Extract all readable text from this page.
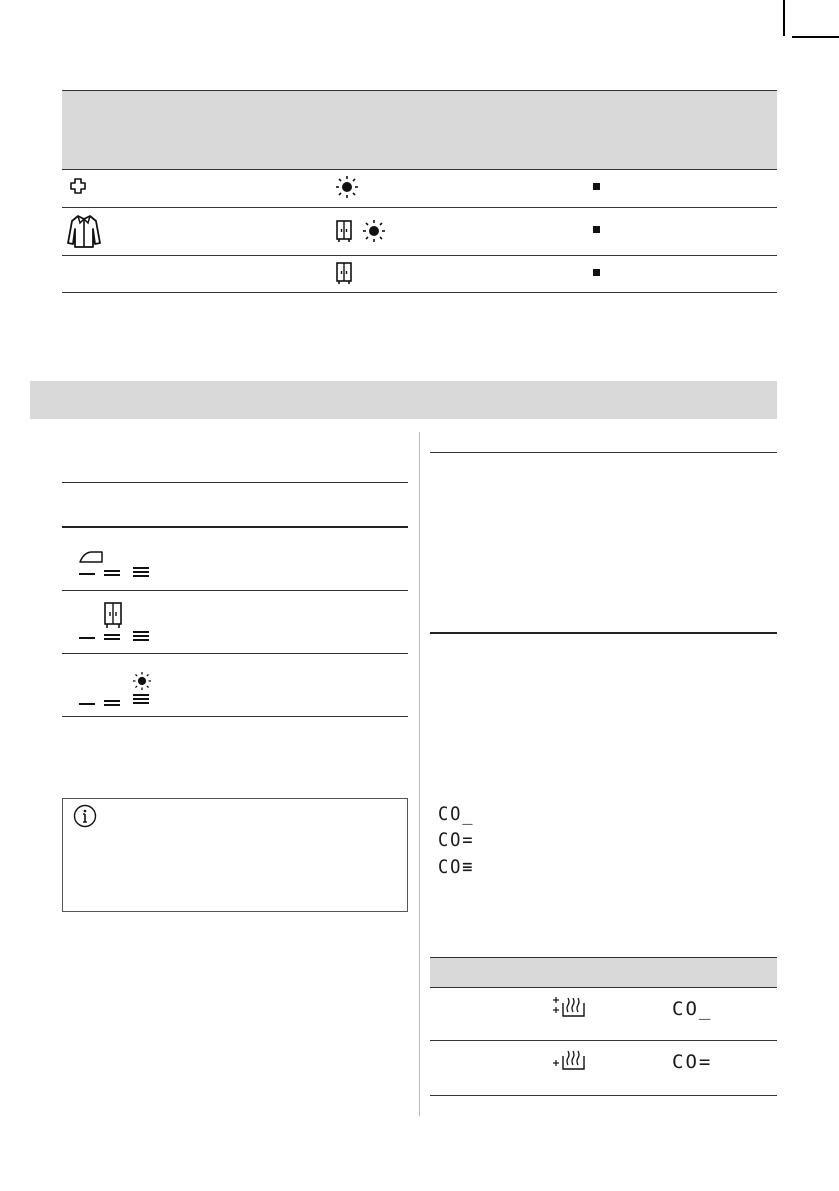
CO_
CO=
CO≡
CO_
CO=
